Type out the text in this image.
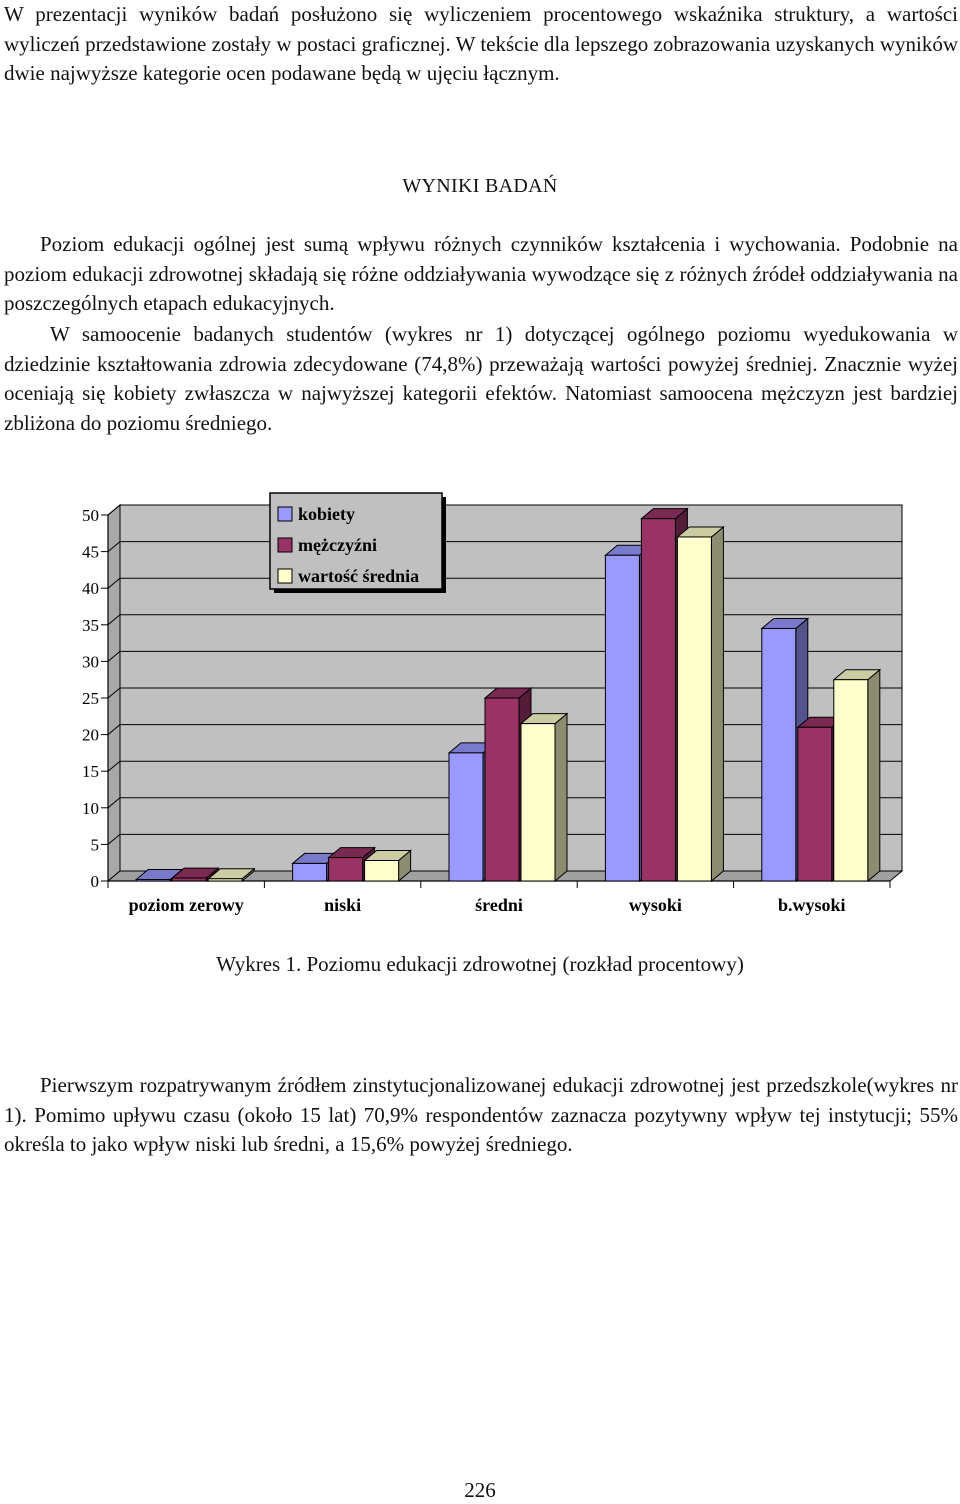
W prezentacji wyników badań posłużono się wyliczeniem procentowego wskaźnika struktury, a wartości wyliczeń przedstawione zostały w postaci graficznej. W tekście dla lepszego zobrazowania uzyskanych wyników dwie najwyższe kategorie ocen podawane będą w ujęciu łącznym.

WYNIKI BADAŃ

Poziom edukacji ogólnej jest sumą wpływu różnych czynników kształcenia i wychowania. Podobnie na poziom edukacji zdrowotnej składają się różne oddziaływania wywodzące się z różnych źródeł oddziaływania na poszczególnych etapach edukacyjnych.

W samoocenie badanych studentów (wykres nr 1) dotyczącej ogólnego poziomu wyedukowania w dziedzinie kształtowania zdrowia zdecydowane (74,8%) przeważają wartości powyżej średniej. Znacznie wyżej oceniają się kobiety zwłaszcza w najwyższej kategorii efektów. Natomiast samoocena mężczyzn jest bardziej zbliżona do poziomu średniego.

0
5
10
15
20
25
30
35
40
45
50
poziom zerowy	niski	średni	wysoki	b.wysoki
kobiety
mężczyźni
wartość średnia
Wykres 1. Poziomu edukacji zdrowotnej (rozkład procentowy)

Pierwszym rozpatrywanym źródłem zinstytucjonalizowanej edukacji zdrowotnej jest przedszkole(wykres nr 1). Pomimo upływu czasu (około 15 lat) 70,9% respondentów zaznacza pozytywny wpływ tej instytucji; 55% określa to jako wpływ niski lub średni, a 15,6% powyżej średniego.

226
